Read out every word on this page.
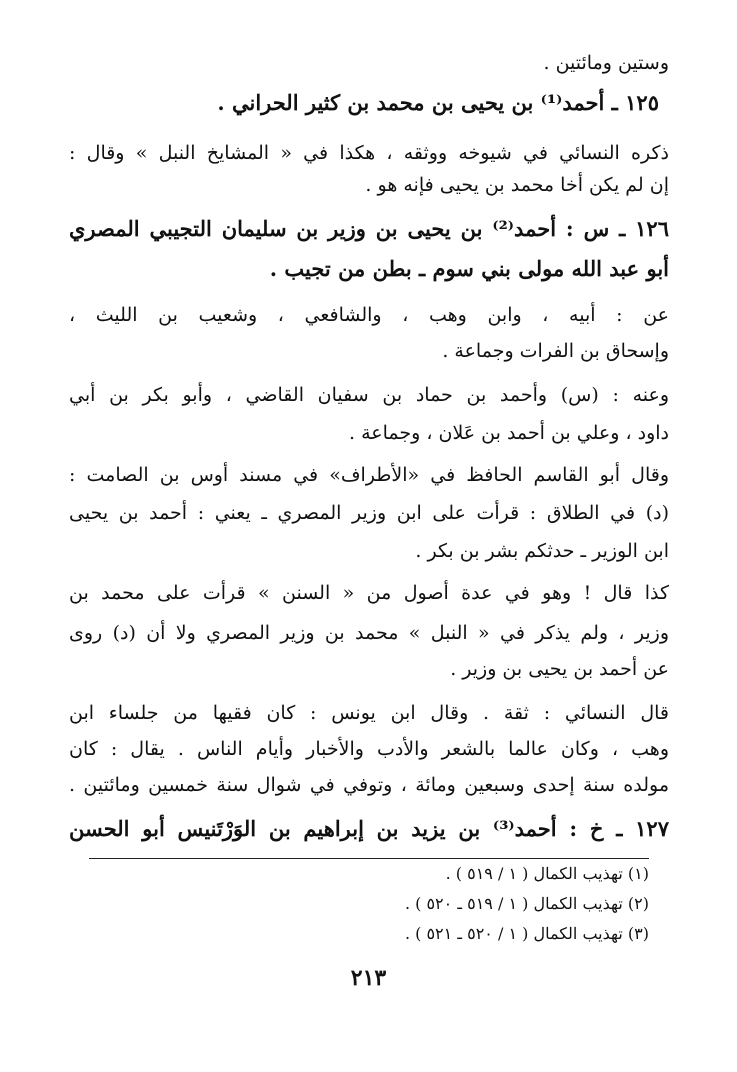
وستين ومائتين .
١٢٥ ـ أحمد⁽¹⁾ بن يحيى بن محمد بن كثير الحراني .
ذكره النسائي في شيوخه ووثقه ، هكذا في « المشايخ النبل » وقال :
إن لم يكن أخا محمد بن يحيى فإنه هو .
١٢٦ ـ س : أحمد⁽²⁾ بن يحيى بن وزير بن سليمان التجيبي المصري
أبو عبد الله مولى بني سوم ـ بطن من تجيب .
عن : أبيه ، وابن وهب ، والشافعي ، وشعيب بن الليث ،
وإسحاق بن الفرات وجماعة .
وعنه : (س) وأحمد بن حماد بن سفيان القاضي ، وأبو بكر بن أبي
داود ، وعلي بن أحمد بن عَلان ، وجماعة .
وقال أبو القاسم الحافظ في «الأطراف» في مسند أوس بن الصامت :
(د) في الطلاق : قرأت على ابن وزير المصري ـ يعني : أحمد بن يحيى
ابن الوزير ـ حدثكم بشر بن بكر .
كذا قال ! وهو في عدة أصول من « السنن » قرأت على محمد بن
وزير ، ولم يذكر في « النبل » محمد بن وزير المصري ولا أن (د) روى
عن أحمد بن يحيى بن وزير .
قال النسائي : ثقة . وقال ابن يونس : كان فقيها من جلساء ابن
وهب ، وكان عالما بالشعر والأدب والأخبار وأيام الناس . يقال : كان
مولده سنة إحدى وسبعين ومائة ، وتوفي في شوال سنة خمسين ومائتين .
١٢٧ ـ خ : أحمد⁽³⁾ بن يزيد بن إبراهيم بن الوَرْتَنيس أبو الحسن
(١) تهذيب الكمال ( ١ / ٥١٩ ) .
(٢) تهذيب الكمال ( ١ / ٥١٩ ـ ٥٢٠ ) .
(٣) تهذيب الكمال ( ١ / ٥٢٠ ـ ٥٢١ ) .
٢١٣
